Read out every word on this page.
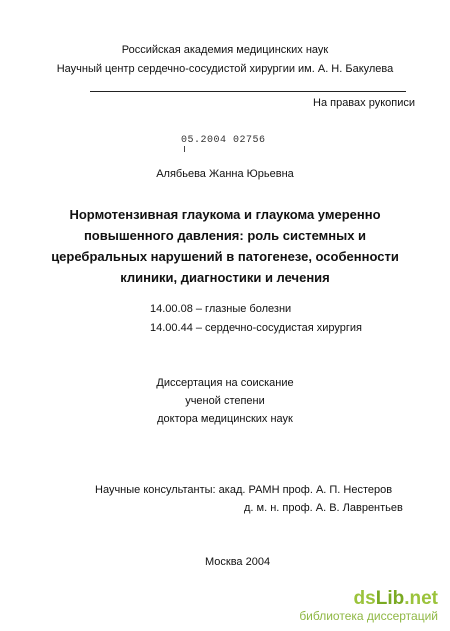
Российская академия медицинских наук
Научный центр сердечно-сосудистой хирургии им. А. Н. Бакулева
На правах рукописи
05.2004 02756
Алябьева Жанна Юрьевна
Нормотензивная глаукома и глаукома умеренно
повышенного давления: роль системных и
церебральных нарушений в патогенезе, особенности
клиники, диагностики и лечения
14.00.08 – глазные болезни
14.00.44 – сердечно-сосудистая хирургия
Диссертация на соискание
ученой степени
доктора медицинских наук
Научные консультанты: акад. РАМН проф. А. П. Нестеров
д. м. н. проф. А. В. Лаврентьев
Москва 2004
dsLib.net
библиотека диссертаций
